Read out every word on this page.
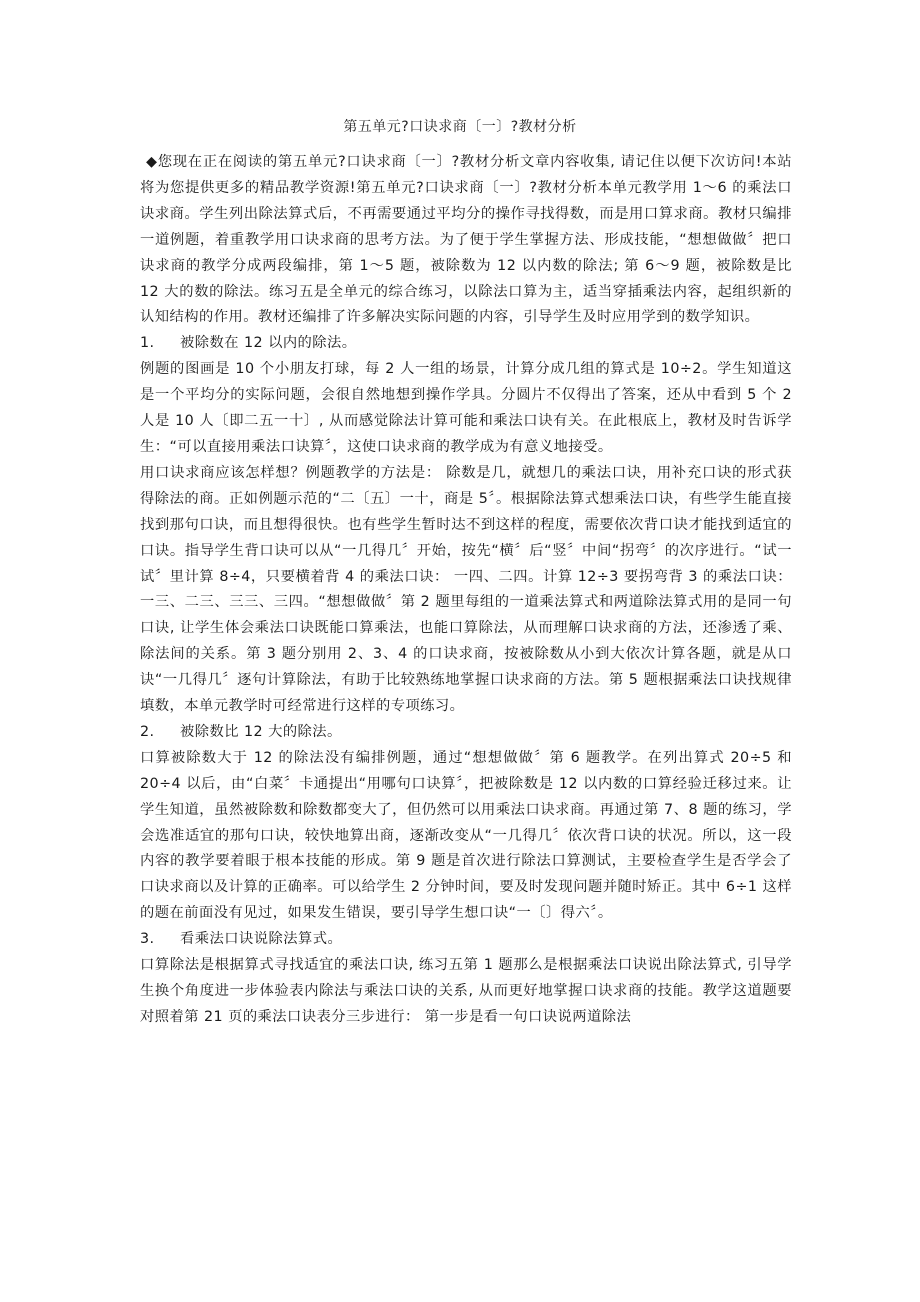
第五单元?口诀求商〔一〕?教材分析

◆您现在正在阅读的第五单元?口诀求商〔一〕?教材分析文章内容收集, 请记住以便下次访问!本站将为您提供更多的精品教学资源!第五单元?口诀求商〔一〕?教材分析本单元教学用 1～6 的乘法口诀求商。学生列出除法算式后，不再需要通过平均分的操作寻找得数，而是用口算求商。教材只编排一道例题，着重教学用口诀求商的思考方法。为了便于学生掌握方法、形成技能，“想想做做〞把口诀求商的教学分成两段编排，第 1～5 题，被除数为 12 以内数的除法; 第 6～9 题，被除数是比 12 大的数的除法。练习五是全单元的综合练习，以除法口算为主，适当穿插乘法内容，起组织新的认知结构的作用。教材还编排了许多解决实际问题的内容，引导学生及时应用学到的数学知识。

1. 被除数在 12 以内的除法。

例题的图画是 10 个小朋友打球，每 2 人一组的场景，计算分成几组的算式是 10÷2。学生知道这是一个平均分的实际问题，会很自然地想到操作学具。分圆片不仅得出了答案，还从中看到 5 个 2 人是 10 人〔即二五一十〕, 从而感觉除法计算可能和乘法口诀有关。在此根底上，教材及时告诉学生：“可以直接用乘法口诀算〞，这使口诀求商的教学成为有意义地接受。

用口诀求商应该怎样想？例题教学的方法是： 除数是几，就想几的乘法口诀，用补充口诀的形式获得除法的商。正如例题示范的“二〔五〕一十，商是 5〞。根据除法算式想乘法口诀，有些学生能直接找到那句口诀，而且想得很快。也有些学生暂时达不到这样的程度，需要依次背口诀才能找到适宜的口诀。指导学生背口诀可以从“一几得几〞开始，按先“横〞后“竖〞中间“拐弯〞的次序进行。“试一试〞里计算 8÷4，只要横着背 4 的乘法口诀： 一四、二四。计算 12÷3 要拐弯背 3 的乘法口诀： 一三、二三、三三、三四。“想想做做〞第 2 题里每组的一道乘法算式和两道除法算式用的是同一句口诀, 让学生体会乘法口诀既能口算乘法，也能口算除法，从而理解口诀求商的方法，还渗透了乘、除法间的关系。第 3 题分别用 2、3、4 的口诀求商，按被除数从小到大依次计算各题，就是从口诀“一几得几〞逐句计算除法，有助于比较熟练地掌握口诀求商的方法。第 5 题根据乘法口诀找规律填数，本单元教学时可经常进行这样的专项练习。

2. 被除数比 12 大的除法。

口算被除数大于 12 的除法没有编排例题，通过“想想做做〞第 6 题教学。在列出算式 20÷5 和 20÷4 以后，由“白菜〞卡通提出“用哪句口诀算〞，把被除数是 12 以内数的口算经验迁移过来。让学生知道，虽然被除数和除数都变大了，但仍然可以用乘法口诀求商。再通过第 7、8 题的练习，学会选准适宜的那句口诀，较快地算出商，逐渐改变从“一几得几〞依次背口诀的状况。所以，这一段内容的教学要着眼于根本技能的形成。第 9 题是首次进行除法口算测试，主要检查学生是否学会了口诀求商以及计算的正确率。可以给学生 2 分钟时间，要及时发现问题并随时矫正。其中 6÷1 这样的题在前面没有见过，如果发生错误，要引导学生想口诀“一〔〕得六〞。

3. 看乘法口诀说除法算式。

口算除法是根据算式寻找适宜的乘法口诀, 练习五第 1 题那么是根据乘法口诀说出除法算式, 引导学生换个角度进一步体验表内除法与乘法口诀的关系, 从而更好地掌握口诀求商的技能。教学这道题要对照着第 21 页的乘法口诀表分三步进行： 第一步是看一句口诀说两道除法
